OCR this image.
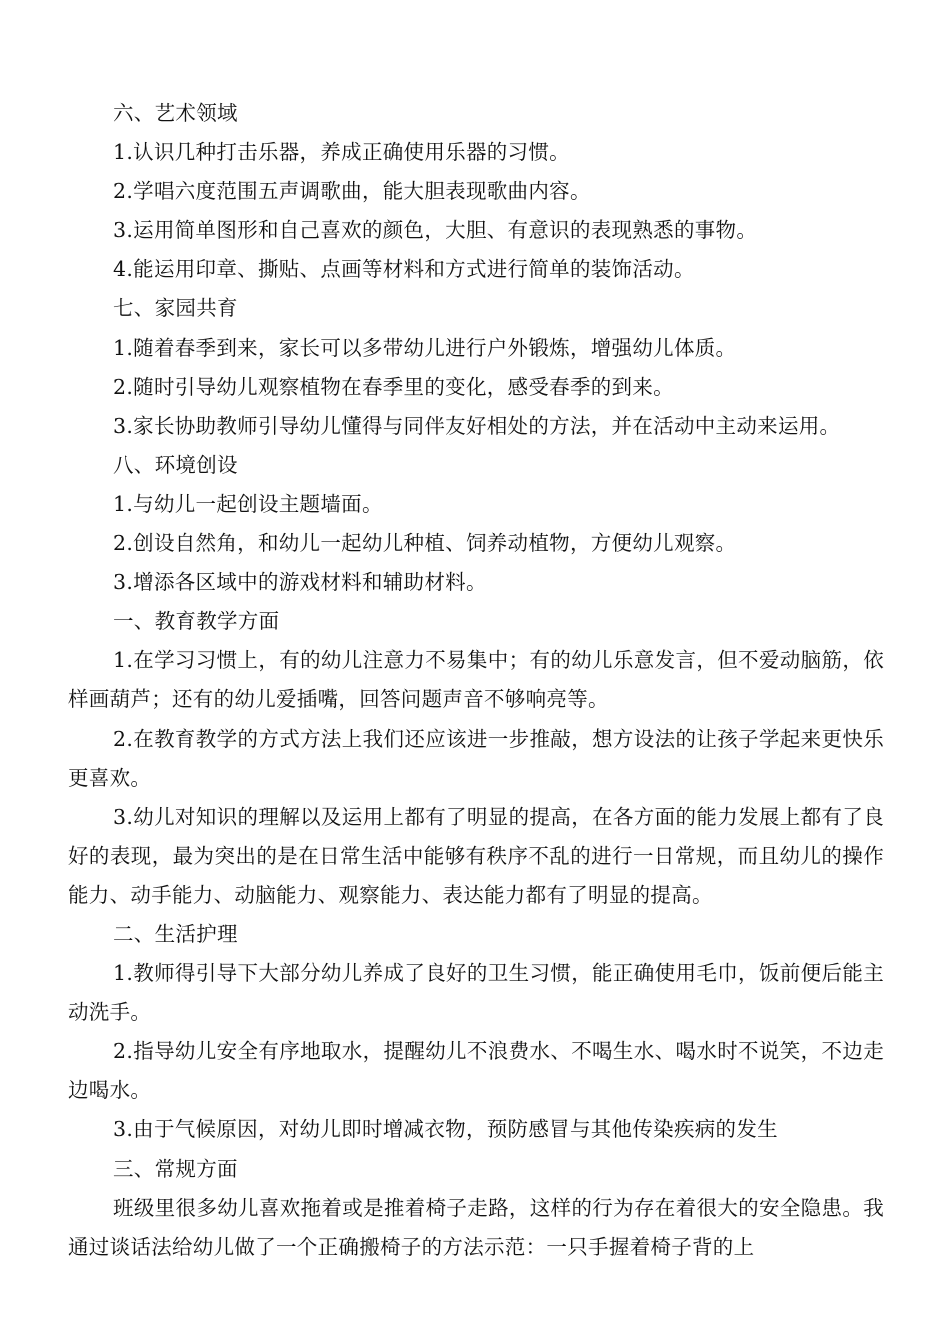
六、艺术领域

1.认识几种打击乐器，养成正确使用乐器的习惯。

2.学唱六度范围五声调歌曲，能大胆表现歌曲内容。

3.运用简单图形和自己喜欢的颜色，大胆、有意识的表现熟悉的事物。

4.能运用印章、撕贴、点画等材料和方式进行简单的装饰活动。

七、家园共育

1.随着春季到来，家长可以多带幼儿进行户外锻炼，增强幼儿体质。

2.随时引导幼儿观察植物在春季里的变化，感受春季的到来。

3.家长协助教师引导幼儿懂得与同伴友好相处的方法，并在活动中主动来运用。

八、环境创设

1.与幼儿一起创设主题墙面。

2.创设自然角，和幼儿一起幼儿种植、饲养动植物，方便幼儿观察。

3.增添各区域中的游戏材料和辅助材料。

一、教育教学方面

1.在学习习惯上，有的幼儿注意力不易集中；有的幼儿乐意发言，但不爱动脑筋，依样画葫芦；还有的幼儿爱插嘴，回答问题声音不够响亮等。

2.在教育教学的方式方法上我们还应该进一步推敲，想方设法的让孩子学起来更快乐更喜欢。

3.幼儿对知识的理解以及运用上都有了明显的提高，在各方面的能力发展上都有了良好的表现，最为突出的是在日常生活中能够有秩序不乱的进行一日常规，而且幼儿的操作能力、动手能力、动脑能力、观察能力、表达能力都有了明显的提高。

二、生活护理

1.教师得引导下大部分幼儿养成了良好的卫生习惯，能正确使用毛巾，饭前便后能主动洗手。

2.指导幼儿安全有序地取水，提醒幼儿不浪费水、不喝生水、喝水时不说笑，不边走边喝水。

3.由于气候原因，对幼儿即时增减衣物，预防感冒与其他传染疾病的发生

三、常规方面

班级里很多幼儿喜欢拖着或是推着椅子走路，这样的行为存在着很大的安全隐患。我通过谈话法给幼儿做了一个正确搬椅子的方法示范：一只手握着椅子背的上
